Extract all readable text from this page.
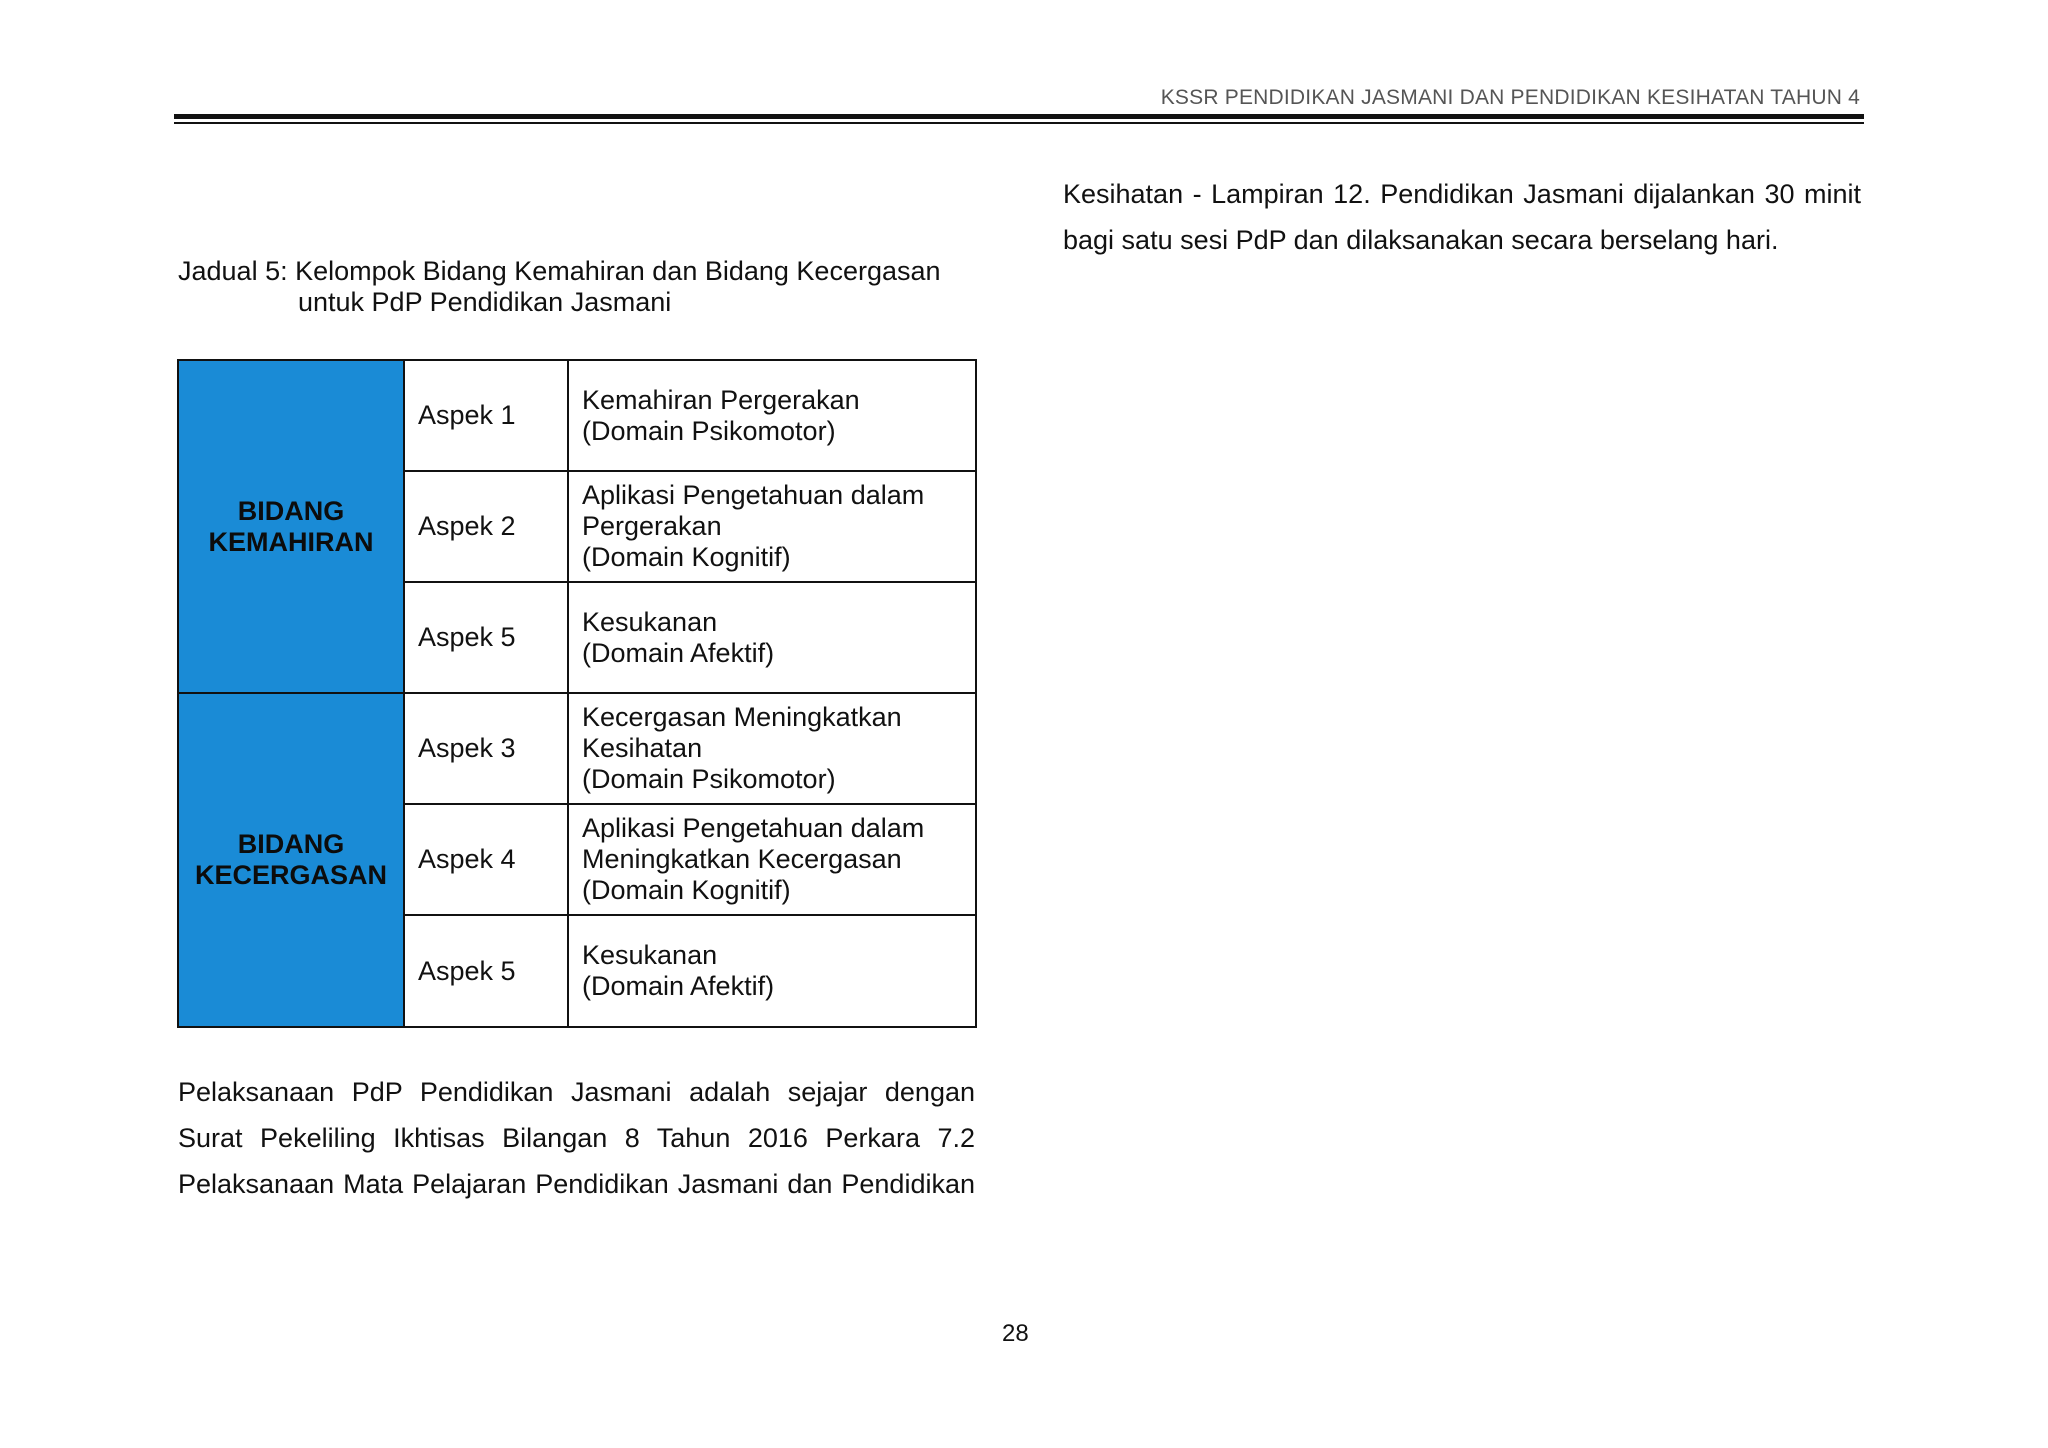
KSSR PENDIDIKAN JASMANI DAN PENDIDIKAN KESIHATAN TAHUN 4
Jadual 5: Kelompok Bidang Kemahiran dan Bidang Kecergasan
untuk PdP Pendidikan Jasmani
BIDANG
KEMAHIRAN	Aspek 1	Kemahiran Pergerakan
(Domain Psikomotor)

	Aspek 2	Aplikasi Pengetahuan dalam
Pergerakan
(Domain Kognitif)

	Aspek 5	Kesukanan
(Domain Afektif)

BIDANG
KECERGASAN	Aspek 3	Kecergasan Meningkatkan
Kesihatan
(Domain Psikomotor)

	Aspek 4	Aplikasi Pengetahuan dalam
Meningkatkan Kecergasan
(Domain Kognitif)

	Aspek 5	Kesukanan
(Domain Afektif)
Pelaksanaan PdP Pendidikan Jasmani adalah sejajar dengan
Surat Pekeliling Ikhtisas Bilangan 8 Tahun 2016 Perkara 7.2
Pelaksanaan Mata Pelajaran Pendidikan Jasmani dan Pendidikan
Kesihatan - Lampiran 12. Pendidikan Jasmani dijalankan 30 minit
bagi satu sesi PdP dan dilaksanakan secara berselang hari.
28
